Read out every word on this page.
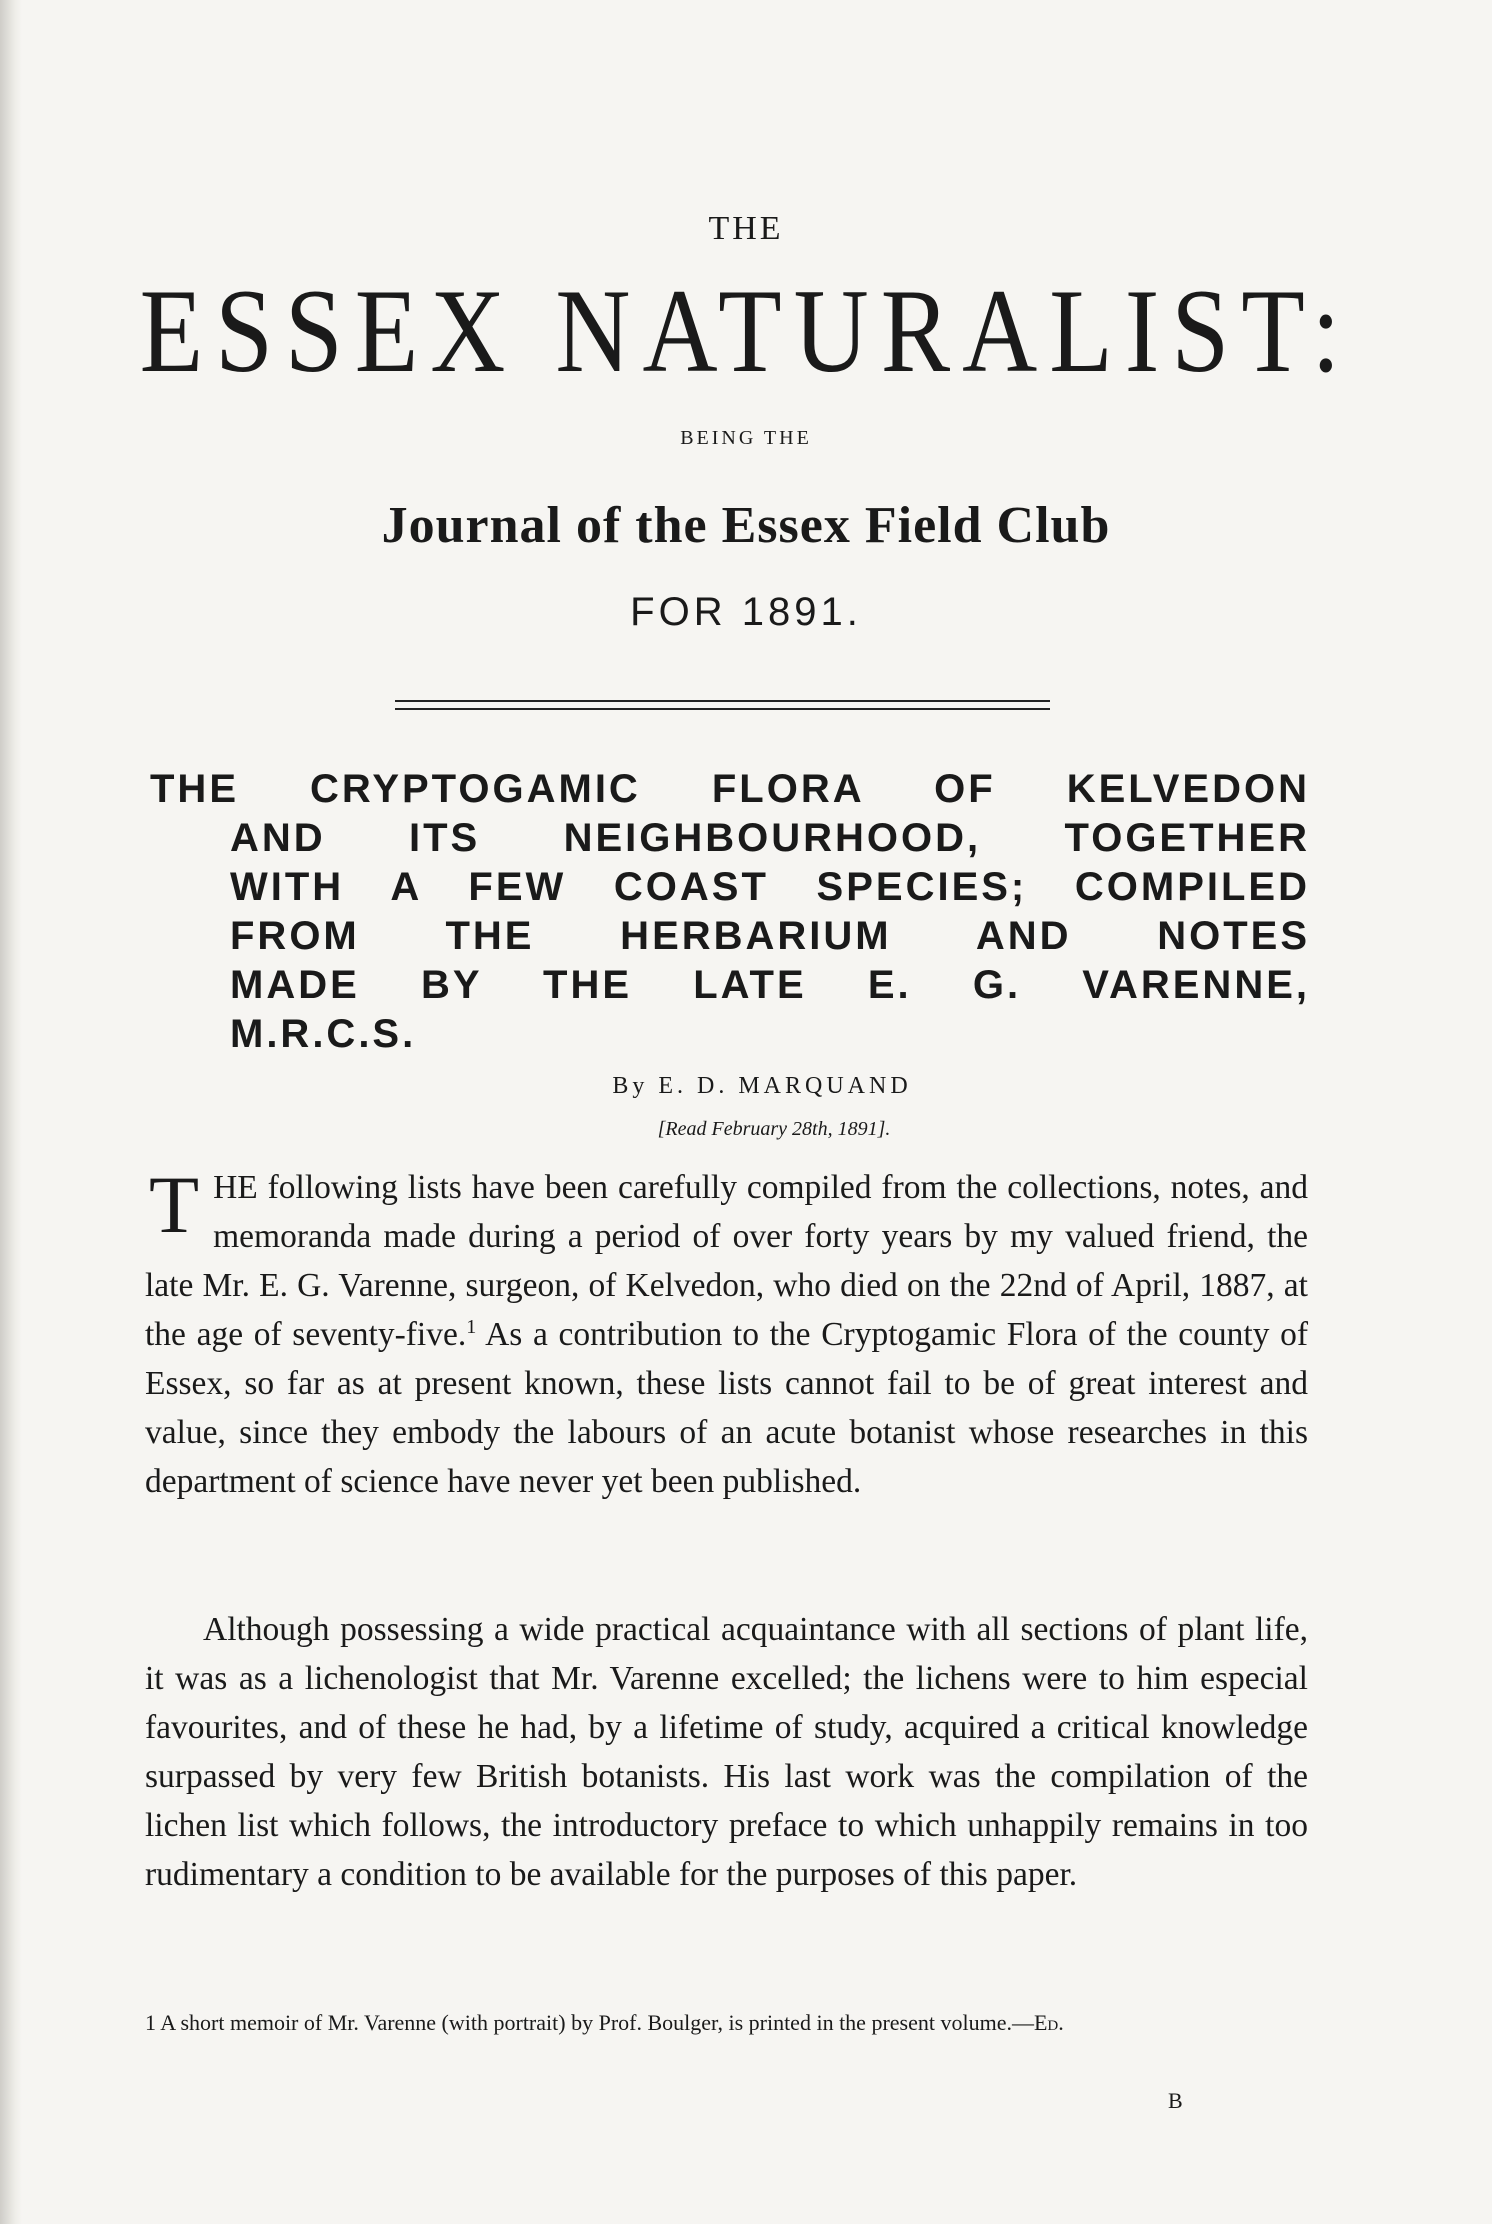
THE
ESSEX NATURALIST:
BEING THE
Journal of the Essex Field Club
FOR 1891.
THE CRYPTOGAMIC FLORA OF KELVEDON
AND ITS NEIGHBOURHOOD, TOGETHER
WITH A FEW COAST SPECIES; COMPILED
FROM THE HERBARIUM AND NOTES
MADE BY THE LATE E. G. VARENNE,
M.R.C.S.
By E. D. MARQUAND
[Read February 28th, 1891].
THE following lists have been carefully compiled from the collections, notes, and memoranda made during a period of over forty years by my valued friend, the late Mr. E. G. Varenne, surgeon, of Kelvedon, who died on the 22nd of April, 1887, at the age of seventy-five.$^1$ As a contribution to the Cryptogamic Flora of the county of Essex, so far as at present known, these lists cannot fail to be of great interest and value, since they embody the labours of an acute botanist whose researches in this department of science have never yet been published.
Although possessing a wide practical acquaintance with all sections of plant life, it was as a lichenologist that Mr. Varenne excelled; the lichens were to him especial favourites, and of these he had, by a lifetime of study, acquired a critical knowledge surpassed by very few British botanists. His last work was the compilation of the lichen list which follows, the introductory preface to which unhappily remains in too rudimentary a condition to be available for the purposes of this paper.
1 A short memoir of Mr. Varenne (with portrait) by Prof. Boulger, is printed in the present volume.—Ed.
B
